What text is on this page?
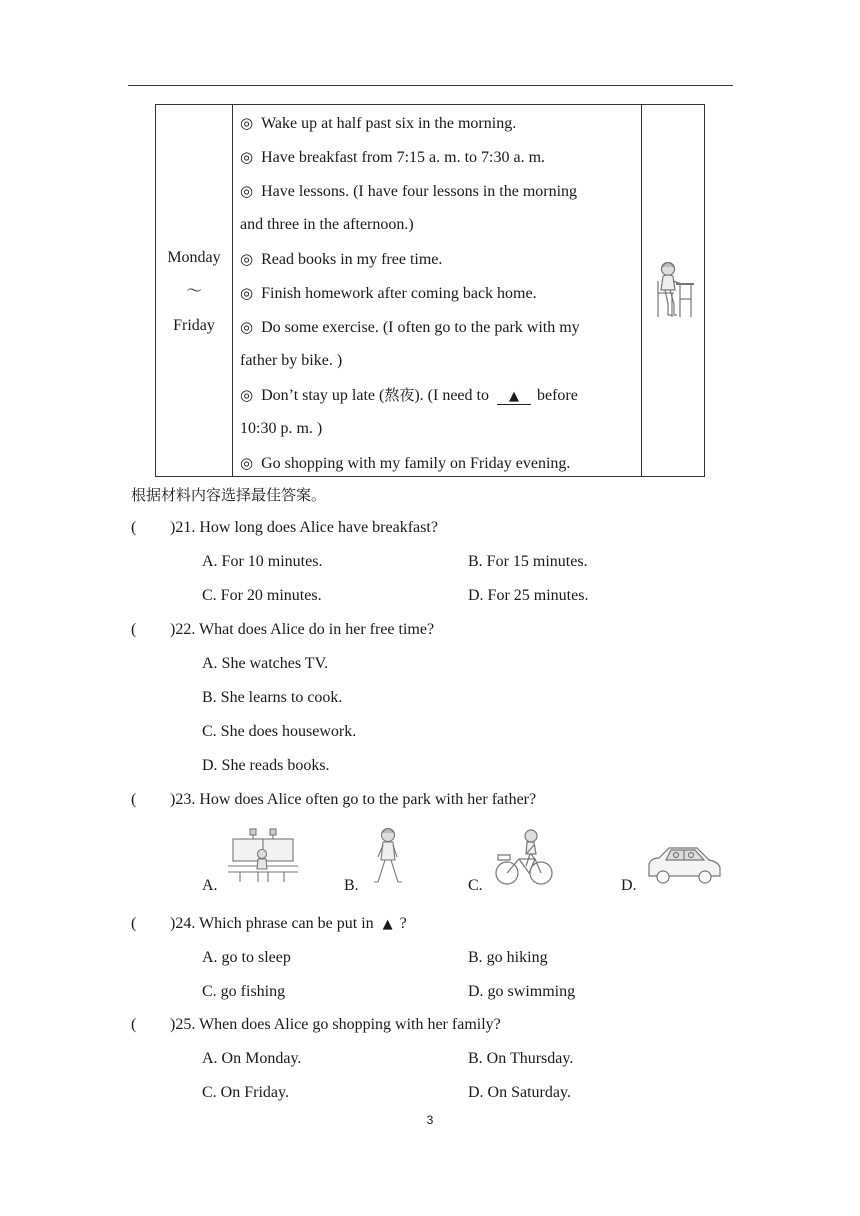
Monday
～
Friday
◎ Wake up at half past six in the morning.
◎ Have breakfast from 7:15 a. m. to 7:30 a. m.
◎ Have lessons. (I have four lessons in the morning
and three in the afternoon.)
◎ Read books in my free time.
◎ Finish homework after coming back home.
◎ Do some exercise. (I often go to the park with my
father by bike. )
◎ Don’t stay up late (熬夜). (I need to ▲ before
10:30 p. m. )
◎ Go shopping with my family on Friday evening.
根据材料内容选择最佳答案。
( )21. How long does Alice have breakfast?
A. For 10 minutes.	B. For 15 minutes.
C. For 20 minutes.	D. For 25 minutes.
( )22. What does Alice do in her free time?
A. She watches TV.
B. She learns to cook.
C. She does housework.
D. She reads books.
( )23. How does Alice often go to the park with her father?
A.	B.	C.	D.
( )24. Which phrase can be put in ▲ ?
A. go to sleep	B. go hiking
C. go fishing	D. go swimming
( )25. When does Alice go shopping with her family?
A. On Monday.	B. On Thursday.
C. On Friday.	D. On Saturday.
3
